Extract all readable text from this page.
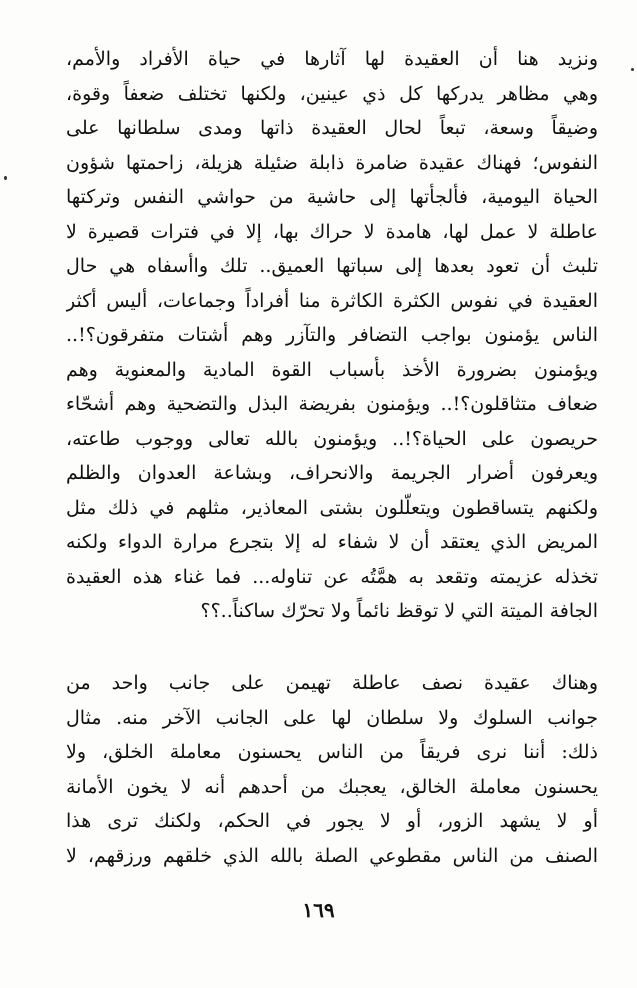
ونزيد هنا أن العقيدة لها آثارها في حياة الأفراد والأمم،
وهي مظاهر يدركها كل ذي عينين، ولكنها تختلف ضعفاً وقوة،
وضيقاً وسعة، تبعاً لحال العقيدة ذاتها ومدى سلطانها على
النفوس؛ فهناك عقيدة ضامرة ذابلة ضئيلة هزيلة، زاحمتها شؤون
الحياة اليومية، فألجأتها إلى حاشية من حواشي النفس وتركتها
عاطلة لا عمل لها، هامدة لا حراك بها، إلا في فترات قصيرة لا
تلبث أن تعود بعدها إلى سباتها العميق.. تلك واأسفاه هي حال
العقيدة في نفوس الكثرة الكاثرة منا أفراداً وجماعات، أليس أكثر
الناس يؤمنون بواجب التضافر والتآزر وهم أشتات متفرقون؟!..
ويؤمنون بضرورة الأخذ بأسباب القوة المادية والمعنوية وهم
ضعاف متثاقلون؟!.. ويؤمنون بفريضة البذل والتضحية وهم أشحّاء
حريصون على الحياة؟!.. ويؤمنون بالله تعالى ووجوب طاعته،
ويعرفون أضرار الجريمة والانحراف، وبشاعة العدوان والظلم
ولكنهم يتساقطون ويتعلّلون بشتى المعاذير، مثلهم في ذلك مثل
المريض الذي يعتقد أن لا شفاء له إلا بتجرع مرارة الدواء ولكنه
تخذله عزيمته وتقعد به همَّتُه عن تناوله... فما غناء هذه العقيدة
الجافة الميتة التي لا توقظ نائماً ولا تحرّك ساكناً..؟؟
وهناك عقيدة نصف عاطلة تهيمن على جانب واحد من
جوانب السلوك ولا سلطان لها على الجانب الآخر منه. مثال
ذلك: أننا نرى فريقاً من الناس يحسنون معاملة الخلق، ولا
يحسنون معاملة الخالق، يعجبك من أحدهم أنه لا يخون الأمانة
أو لا يشهد الزور، أو لا يجور في الحكم، ولكنك ترى هذا
الصنف من الناس مقطوعي الصلة بالله الذي خلقهم ورزقهم، لا
١٦٩
